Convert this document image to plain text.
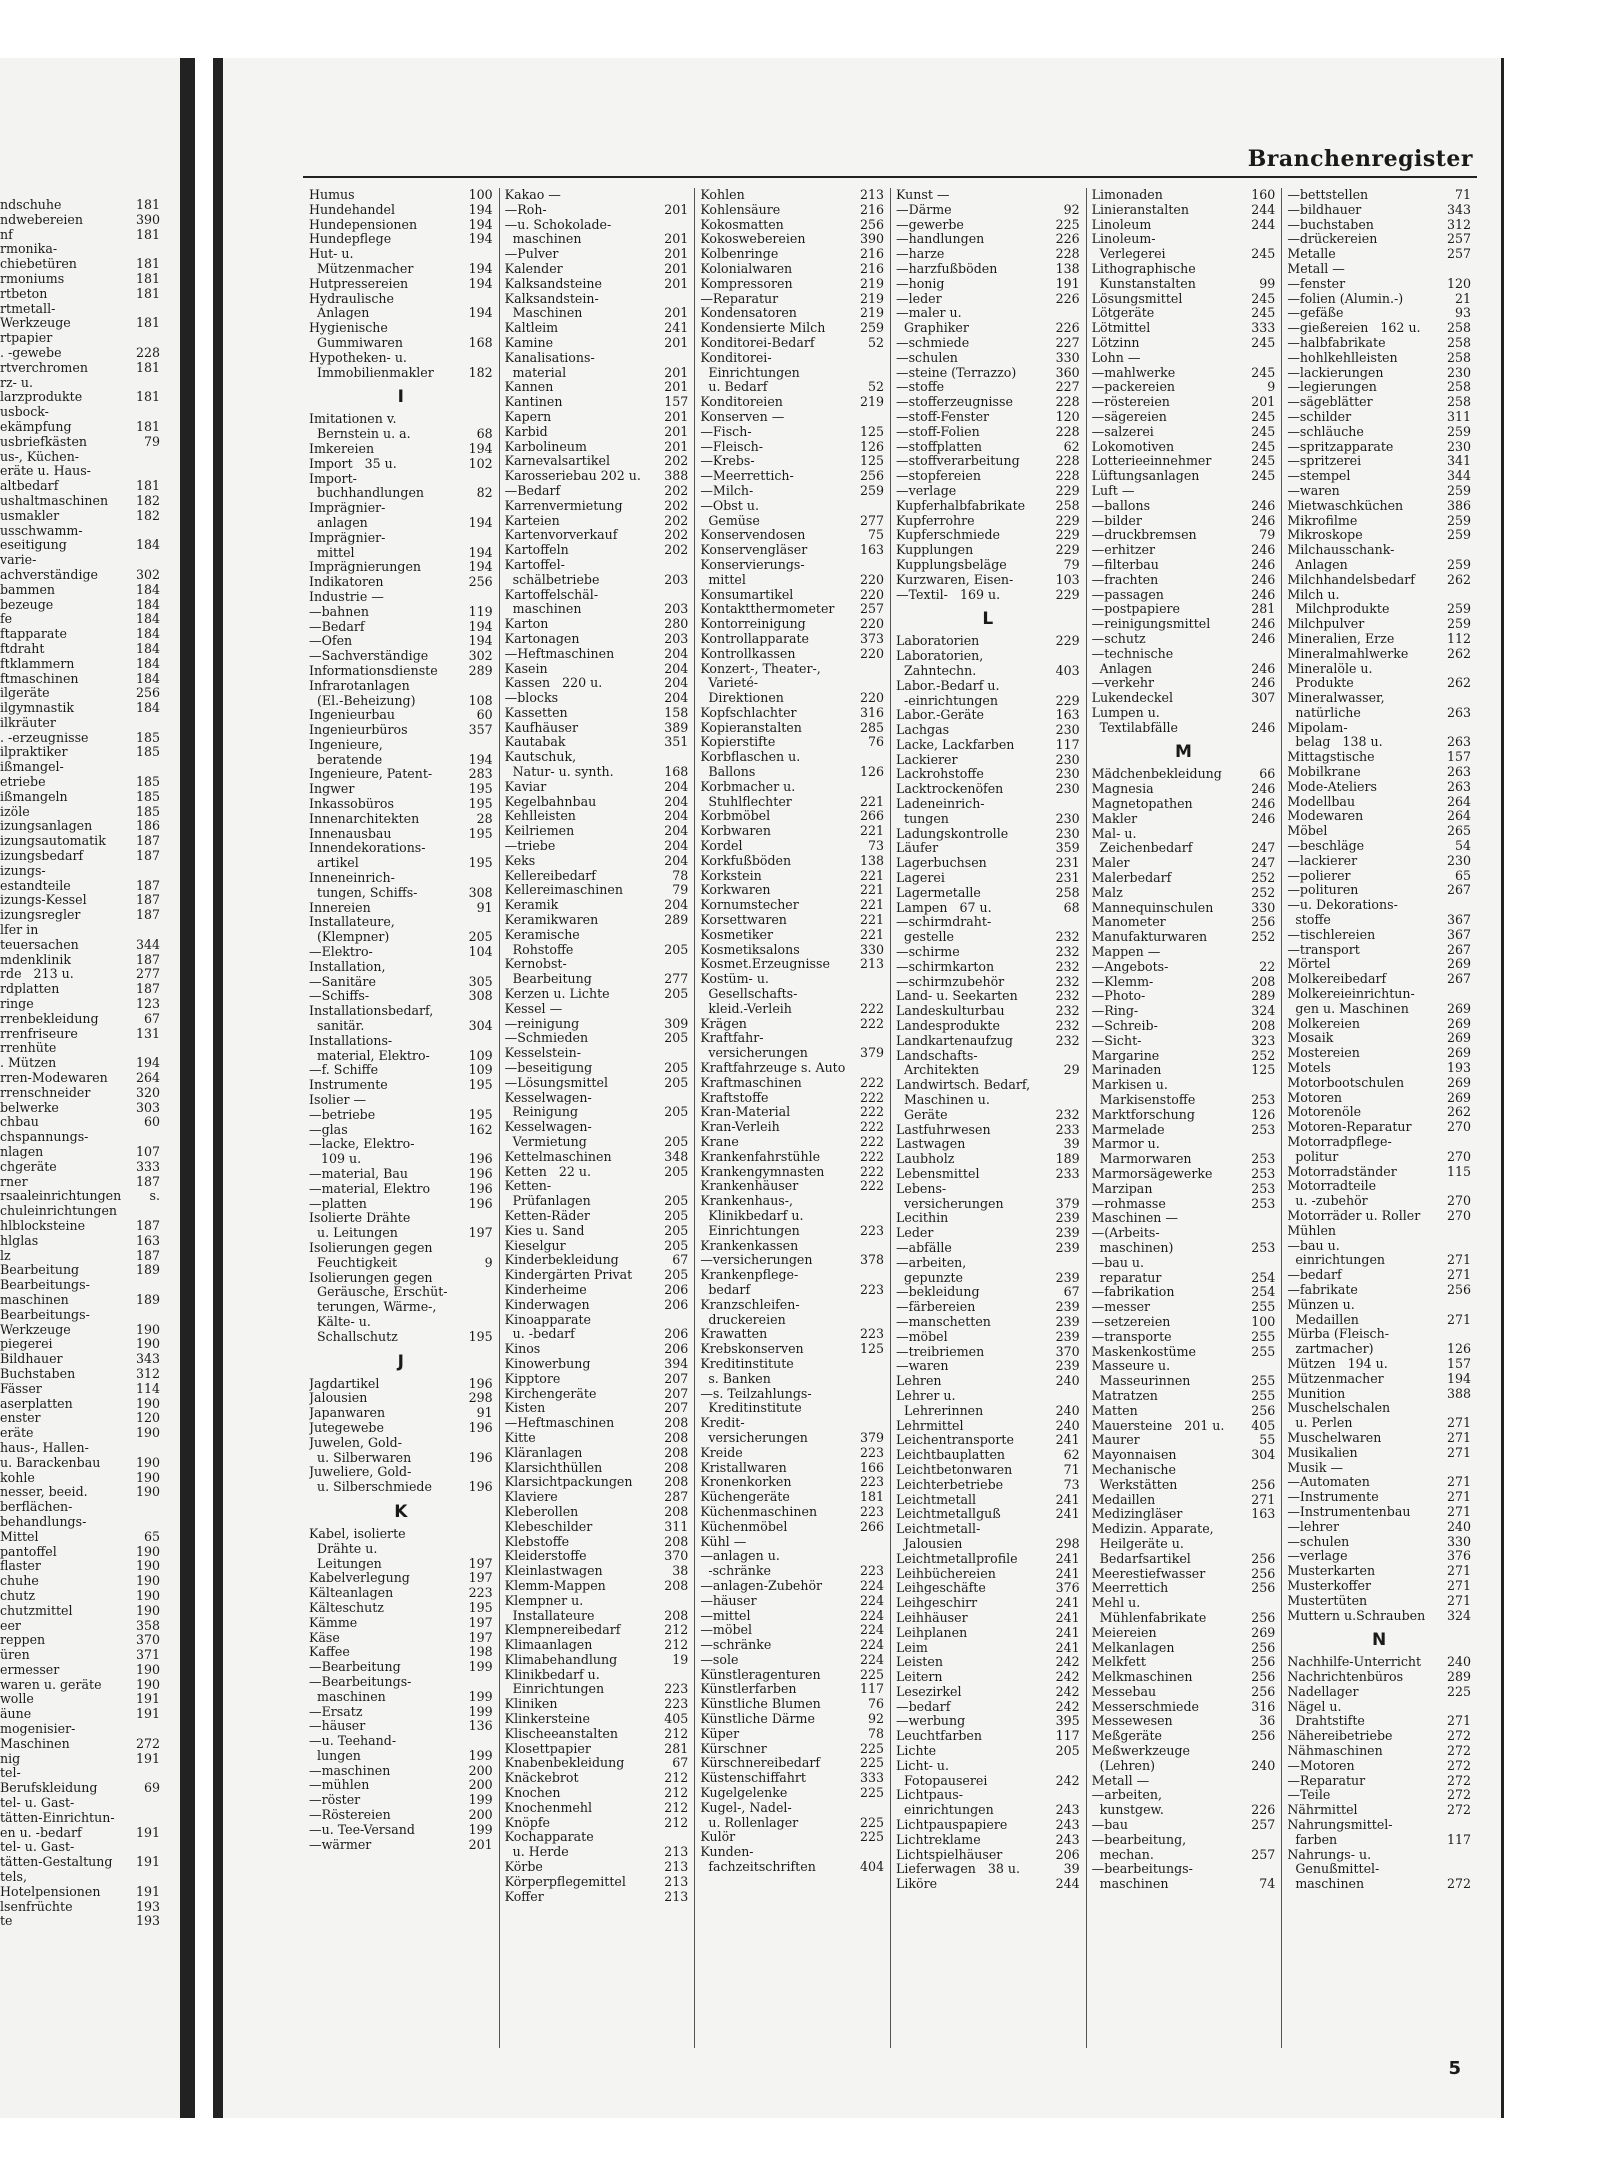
ndschuhe	181
ndwebereien	390
nf	181
rmonika-
chiebetüren	181
rmoniums	181
rtbeton	181
rtmetall-
Werkzeuge	181
rtpapier
. -gewebe	228
rtverchromen	181
rz- u.
larzprodukte	181
usbock-
ekämpfung	181
usbriefkästen	79
us-, Küchen-
eräte u. Haus-
altbedarf	181
ushaltmaschinen	182
usmakler	182
usschwamm-
eseitigung	184
varie-
achverständige	302
bammen	184
bezeuge	184
fe	184
ftapparate	184
ftdraht	184
ftklammern	184
ftmaschinen	184
ilgeräte	256
ilgymnastik	184
ilkräuter
. -erzeugnisse	185
ilpraktiker	185
ißmangel-
etriebe	185
ißmangeln	185
izöle	185
izungsanlagen	186
izungsautomatik	187
izungsbedarf	187
izungs-
estandteile	187
izungs-Kessel	187
izungsregler	187
lfer in
teuersachen	344
mdenklinik	187
rde   213 u.	277
rdplatten	187
ringe	123
rrenbekleidung	67
rrenfriseure	131
rrenhüte
. Mützen	194
rren-Modewaren	264
rrenschneider	320
belwerke	303
chbau	60
chspannungs-
nlagen	107
chgeräte	333
rner	187
rsaaleinrichtungen	s.
chuleinrichtungen
hlblocksteine	187
hlglas	163
lz	187
Bearbeitung	189
Bearbeitungs-
maschinen	189
Bearbeitungs-
Werkzeuge	190
piegerei	190
Bildhauer	343
Buchstaben	312
Fässer	114
aserplatten	190
enster	120
eräte	190
haus-, Hallen-
u. Barackenbau	190
kohle	190
nesser, beeid.	190
berflächen-
behandlungs-
Mittel	65
pantoffel	190
flaster	190
chuhe	190
chutz	190
chutzmittel	190
eer	358
reppen	370
üren	371
ermesser	190
waren u. geräte	190
wolle	191
äune	191
mogenisier-
Maschinen	272
nig	191
tel-
Berufskleidung	69
tel- u. Gast-
tätten-Einrichtun-
en u. -bedarf	191
tel- u. Gast-
tätten-Gestaltung	191
tels,
Hotelpensionen	191
lsenfrüchte	193
te	193
Branchenregister
Humus	100
Hundehandel	194
Hundepensionen	194
Hundepflege	194
Hut- u.
Mützenmacher	194
Hutpressereien	194
Hydraulische
Anlagen	194
Hygienische
Gummiwaren	168
Hypotheken- u.
Immobilienmakler	182
I
Imitationen v.
Bernstein u. a.	68
Imkereien	194
Import   35 u.	102
Import-
buchhandlungen	82
Imprägnier-
anlagen	194
Imprägnier-
mittel	194
Imprägnierungen	194
Indikatoren	256
Industrie —
—bahnen	119
—Bedarf	194
—Öfen	194
—Sachverständige	302
Informationsdienste	289
Infrarotanlagen
(El.-Beheizung)	108
Ingenieurbau	60
Ingenieurbüros	357
Ingenieure,
beratende	194
Ingenieure, Patent-	283
Ingwer	195
Inkassobüros	195
Innenarchitekten	28
Innenausbau	195
Innendekorations-
artikel	195
Inneneinrich-
tungen, Schiffs-	308
Innereien	91
Installateure,
(Klempner)	205
—Elektro-	104
Installation,
—Sanitäre	305
—Schiffs-	308
Installationsbedarf,
sanitär.	304
Installations-
material, Elektro-	109
—f. Schiffe	109
Instrumente	195
Isolier —
—betriebe	195
—glas	162
—lacke, Elektro-
109 u.	196
—material, Bau	196
—material, Elektro	196
—platten	196
Isolierte Drähte
u. Leitungen	197
Isolierungen gegen
Feuchtigkeit	9
Isolierungen gegen
Geräusche, Erschüt-
terungen, Wärme-,
Kälte- u.
Schallschutz	195
J
Jagdartikel	196
Jalousien	298
Japanwaren	91
Jutegewebe	196
Juwelen, Gold-
u. Silberwaren	196
Juweliere, Gold-
u. Silberschmiede	196
K
Kabel, isolierte
Drähte u.
Leitungen	197
Kabelverlegung	197
Kälteanlagen	223
Kälteschutz	195
Kämme	197
Käse	197
Kaffee	198
—Bearbeitung	199
—Bearbeitungs-
maschinen	199
—Ersatz	199
—häuser	136
—u. Teehand-
lungen	199
—maschinen	200
—mühlen	200
—röster	199
—Röstereien	200
—u. Tee-Versand	199
—wärmer	201
Kakao —
—Roh-	201
—u. Schokolade-
maschinen	201
—Pulver	201
Kalender	201
Kalksandsteine	201
Kalksandstein-
Maschinen	201
Kaltleim	241
Kamine	201
Kanalisations-
material	201
Kannen	201
Kantinen	157
Kapern	201
Karbid	201
Karbolineum	201
Karnevalsartikel	202
Karosseriebau 202 u.	388
—Bedarf	202
Karrenvermietung	202
Karteien	202
Kartenvorverkauf	202
Kartoffeln	202
Kartoffel-
schälbetriebe	203
Kartoffelschäl-
maschinen	203
Karton	280
Kartonagen	203
—Heftmaschinen	204
Kasein	204
Kassen   220 u.	204
—blocks	204
Kassetten	158
Kaufhäuser	389
Kautabak	351
Kautschuk,
Natur- u. synth.	168
Kaviar	204
Kegelbahnbau	204
Kehlleisten	204
Keilriemen	204
—triebe	204
Keks	204
Kellereibedarf	78
Kellereimaschinen	79
Keramik	204
Keramikwaren	289
Keramische
Rohstoffe	205
Kernobst-
Bearbeitung	277
Kerzen u. Lichte	205
Kessel —
—reinigung	309
—Schmieden	205
Kesselstein-
—beseitigung	205
—Lösungsmittel	205
Kesselwagen-
Reinigung	205
Kesselwagen-
Vermietung	205
Kettelmaschinen	348
Ketten   22 u.	205
Ketten-
Prüfanlagen	205
Ketten-Räder	205
Kies u. Sand	205
Kieselgur	205
Kinderbekleidung	67
Kindergärten Privat	205
Kinderheime	206
Kinderwagen	206
Kinoapparate
u. -bedarf	206
Kinos	206
Kinowerbung	394
Kipptore	207
Kirchengeräte	207
Kisten	207
—Heftmaschinen	208
Kitte	208
Kläranlagen	208
Klarsichthüllen	208
Klarsichtpackungen	208
Klaviere	287
Kleberollen	208
Klebeschilder	311
Klebstoffe	208
Kleiderstoffe	370
Kleinlastwagen	38
Klemm-Mappen	208
Klempner u.
Installateure	208
Klempnereibedarf	212
Klimaanlagen	212
Klimabehandlung	19
Klinikbedarf u.
Einrichtungen	223
Kliniken	223
Klinkersteine	405
Klischeeanstalten	212
Klosettpapier	281
Knabenbekleidung	67
Knäckebrot	212
Knochen	212
Knochenmehl	212
Knöpfe	212
Kochapparate
u. Herde	213
Körbe	213
Körperpflegemittel	213
Koffer	213
Kohlen	213
Kohlensäure	216
Kokosmatten	256
Kokoswebereien	390
Kolbenringe	216
Kolonialwaren	216
Kompressoren	219
—Reparatur	219
Kondensatoren	219
Kondensierte Milch	259
Konditorei-Bedarf	52
Konditorei-
Einrichtungen
u. Bedarf	52
Konditoreien	219
Konserven —
—Fisch-	125
—Fleisch-	126
—Krebs-	125
—Meerrettich-	256
—Milch-	259
—Obst u.
Gemüse	277
Konservendosen	75
Konservengläser	163
Konservierungs-
mittel	220
Konsumartikel	220
Kontaktthermometer	257
Kontorreinigung	220
Kontrollapparate	373
Kontrollkassen	220
Konzert-, Theater-,
Varieté-
Direktionen	220
Kopfschlachter	316
Kopieranstalten	285
Kopierstifte	76
Korbflaschen u.
Ballons	126
Korbmacher u.
Stuhlflechter	221
Korbmöbel	266
Korbwaren	221
Kordel	73
Korkfußböden	138
Korkstein	221
Korkwaren	221
Kornumstecher	221
Korsettwaren	221
Kosmetiker	221
Kosmetiksalons	330
Kosmet.Erzeugnisse	213
Kostüm- u.
Gesellschafts-
kleid.-Verleih	222
Krägen	222
Kraftfahr-
versicherungen	379
Kraftfahrzeuge s. Auto
Kraftmaschinen	222
Kraftstoffe	222
Kran-Material	222
Kran-Verleih	222
Krane	222
Krankenfahrstühle	222
Krankengymnasten	222
Krankenhäuser	222
Krankenhaus-,
Klinikbedarf u.
Einrichtungen	223
Krankenkassen
—versicherungen	378
Krankenpflege-
bedarf	223
Kranzschleifen-
druckereien
Krawatten	223
Krebskonserven	125
Kreditinstitute
s. Banken
—s. Teilzahlungs-
Kreditinstitute
Kredit-
versicherungen	379
Kreide	223
Kristallwaren	166
Kronenkorken	223
Küchengeräte	181
Küchenmaschinen	223
Küchenmöbel	266
Kühl —
—anlagen u.
-schränke	223
—anlagen-Zubehör	224
—häuser	224
—mittel	224
—möbel	224
—schränke	224
—sole	224
Künstleragenturen	225
Künstlerfarben	117
Künstliche Blumen	76
Künstliche Därme	92
Küper	78
Kürschner	225
Kürschnereibedarf	225
Küstenschiffahrt	333
Kugelgelenke	225
Kugel-, Nadel-
u. Rollenlager	225
Kulör	225
Kunden-
fachzeitschriften	404
Kunst —
—Därme	92
—gewerbe	225
—handlungen	226
—harze	228
—harzfußböden	138
—honig	191
—leder	226
—maler u.
Graphiker	226
—schmiede	227
—schulen	330
—steine (Terrazzo)	360
—stoffe	227
—stofferzeugnisse	228
—stoff-Fenster	120
—stoff-Folien	228
—stoffplatten	62
—stoffverarbeitung	228
—stopfereien	228
—verlage	229
Kupferhalbfabrikate	258
Kupferrohre	229
Kupferschmiede	229
Kupplungen	229
Kupplungsbeläge	79
Kurzwaren, Eisen-	103
—Textil-   169 u.	229
L
Laboratorien	229
Laboratorien,
Zahntechn.	403
Labor.-Bedarf u.
-einrichtungen	229
Labor.-Geräte	163
Lachgas	230
Lacke, Lackfarben	117
Lackierer	230
Lackrohstoffe	230
Lacktrockenöfen	230
Ladeneinrich-
tungen	230
Ladungskontrolle	230
Läufer	359
Lagerbuchsen	231
Lagerei	231
Lagermetalle	258
Lampen   67 u.	68
—schirmdraht-
gestelle	232
—schirme	232
—schirmkarton	232
—schirmzubehör	232
Land- u. Seekarten	232
Landeskulturbau	232
Landesprodukte	232
Landkartenaufzug	232
Landschafts-
Architekten	29
Landwirtsch. Bedarf,
Maschinen u.
Geräte	232
Lastfuhrwesen	233
Lastwagen	39
Laubholz	189
Lebensmittel	233
Lebens-
versicherungen	379
Lecithin	239
Leder	239
—abfälle	239
—arbeiten,
gepunzte	239
—bekleidung	67
—färbereien	239
—manschetten	239
—möbel	239
—treibriemen	370
—waren	239
Lehren	240
Lehrer u.
Lehrerinnen	240
Lehrmittel	240
Leichentransporte	241
Leichtbauplatten	62
Leichtbetonwaren	71
Leichterbetriebe	73
Leichtmetall	241
Leichtmetallguß	241
Leichtmetall-
Jalousien	298
Leichtmetallprofile	241
Leihbüchereien	241
Leihgeschäfte	376
Leihgeschirr	241
Leihhäuser	241
Leihplanen	241
Leim	241
Leisten	242
Leitern	242
Lesezirkel	242
—bedarf	242
—werbung	395
Leuchtfarben	117
Lichte	205
Licht- u.
Fotopauserei	242
Lichtpaus-
einrichtungen	243
Lichtpauspapiere	243
Lichtreklame	243
Lichtspielhäuser	206
Lieferwagen   38 u.	39
Liköre	244
Limonaden	160
Linieranstalten	244
Linoleum	244
Linoleum-
Verlegerei	245
Lithographische
Kunstanstalten	99
Lösungsmittel	245
Lötgeräte	245
Lötmittel	333
Lötzinn	245
Lohn —
—mahlwerke	245
—packereien	9
—röstereien	201
—sägereien	245
—salzerei	245
Lokomotiven	245
Lotterieeinnehmer	245
Lüftungsanlagen	245
Luft —
—ballons	246
—bilder	246
—druckbremsen	79
—erhitzer	246
—filterbau	246
—frachten	246
—passagen	246
—postpapiere	281
—reinigungsmittel	246
—schutz	246
—technische
Anlagen	246
—verkehr	246
Lukendeckel	307
Lumpen u.
Textilabfälle	246
M
Mädchenbekleidung	66
Magnesia	246
Magnetopathen	246
Makler	246
Mal- u.
Zeichenbedarf	247
Maler	247
Malerbedarf	252
Malz	252
Mannequinschulen	330
Manometer	256
Manufakturwaren	252
Mappen —
—Angebots-	22
—Klemm-	208
—Photo-	289
—Ring-	324
—Schreib-	208
—Sicht-	323
Margarine	252
Marinaden	125
Markisen u.
Markisenstoffe	253
Marktforschung	126
Marmelade	253
Marmor u.
Marmorwaren	253
Marmorsägewerke	253
Marzipan	253
—rohmasse	253
Maschinen —
—(Arbeits-
maschinen)	253
—bau u.
reparatur	254
—fabrikation	254
—messer	255
—setzereien	100
—transporte	255
Maskenkostüme	255
Masseure u.
Masseurinnen	255
Matratzen	255
Matten	256
Mauersteine   201 u.	405
Maurer	55
Mayonnaisen	304
Mechanische
Werkstätten	256
Medaillen	271
Medizingläser	163
Medizin. Apparate,
Heilgeräte u.
Bedarfsartikel	256
Meerestiefwasser	256
Meerrettich	256
Mehl u.
Mühlenfabrikate	256
Meiereien	269
Melkanlagen	256
Melkfett	256
Melkmaschinen	256
Messebau	256
Messerschmiede	316
Messewesen	36
Meßgeräte	256
Meßwerkzeuge
(Lehren)	240
Metall —
—arbeiten,
kunstgew.	226
—bau	257
—bearbeitung,
mechan.	257
—bearbeitungs-
maschinen	74
—bettstellen	71
—bildhauer	343
—buchstaben	312
—drückereien	257
Metalle	257
Metall —
—fenster	120
—folien (Alumin.-)	21
—gefäße	93
—gießereien   162 u.	258
—halbfabrikate	258
—hohlkehlleisten	258
—lackierungen	230
—legierungen	258
—sägeblätter	258
—schilder	311
—schläuche	259
—spritzapparate	230
—spritzerei	341
—stempel	344
—waren	259
Mietwaschküchen	386
Mikrofilme	259
Mikroskope	259
Milchausschank-
Anlagen	259
Milchhandelsbedarf	262
Milch u.
Milchprodukte	259
Milchpulver	259
Mineralien, Erze	112
Mineralmahlwerke	262
Mineralöle u.
Produkte	262
Mineralwasser,
natürliche	263
Mipolam-
belag   138 u.	263
Mittagstische	157
Mobilkrane	263
Mode-Ateliers	263
Modellbau	264
Modewaren	264
Möbel	265
—beschläge	54
—lackierer	230
—polierer	65
—polituren	267
—u. Dekorations-
stoffe	367
—tischlereien	367
—transport	267
Mörtel	269
Molkereibedarf	267
Molkereieinrichtun-
gen u. Maschinen	269
Molkereien	269
Mosaik	269
Mostereien	269
Motels	193
Motorbootschulen	269
Motoren	269
Motorenöle	262
Motoren-Reparatur	270
Motorradpflege-
politur	270
Motorradständer	115
Motorradteile
u. -zubehör	270
Motorräder u. Roller	270
Mühlen
—bau u.
einrichtungen	271
—bedarf	271
—fabrikate	256
Münzen u.
Medaillen	271
Mürba (Fleisch-
zartmacher)	126
Mützen   194 u.	157
Mützenmacher	194
Munition	388
Muschelschalen
u. Perlen	271
Muschelwaren	271
Musikalien	271
Musik —
—Automaten	271
—Instrumente	271
—Instrumentenbau	271
—lehrer	240
—schulen	330
—verlage	376
Musterkarten	271
Musterkoffer	271
Mustertüten	271
Muttern u.Schrauben	324
N
Nachhilfe-Unterricht	240
Nachrichtenbüros	289
Nadellager	225
Nägel u.
Drahtstifte	271
Nähereibetriebe	272
Nähmaschinen	272
—Motoren	272
—Reparatur	272
—Teile	272
Nährmittel	272
Nahrungsmittel-
farben	117
Nahrungs- u.
Genußmittel-
maschinen	272
5
